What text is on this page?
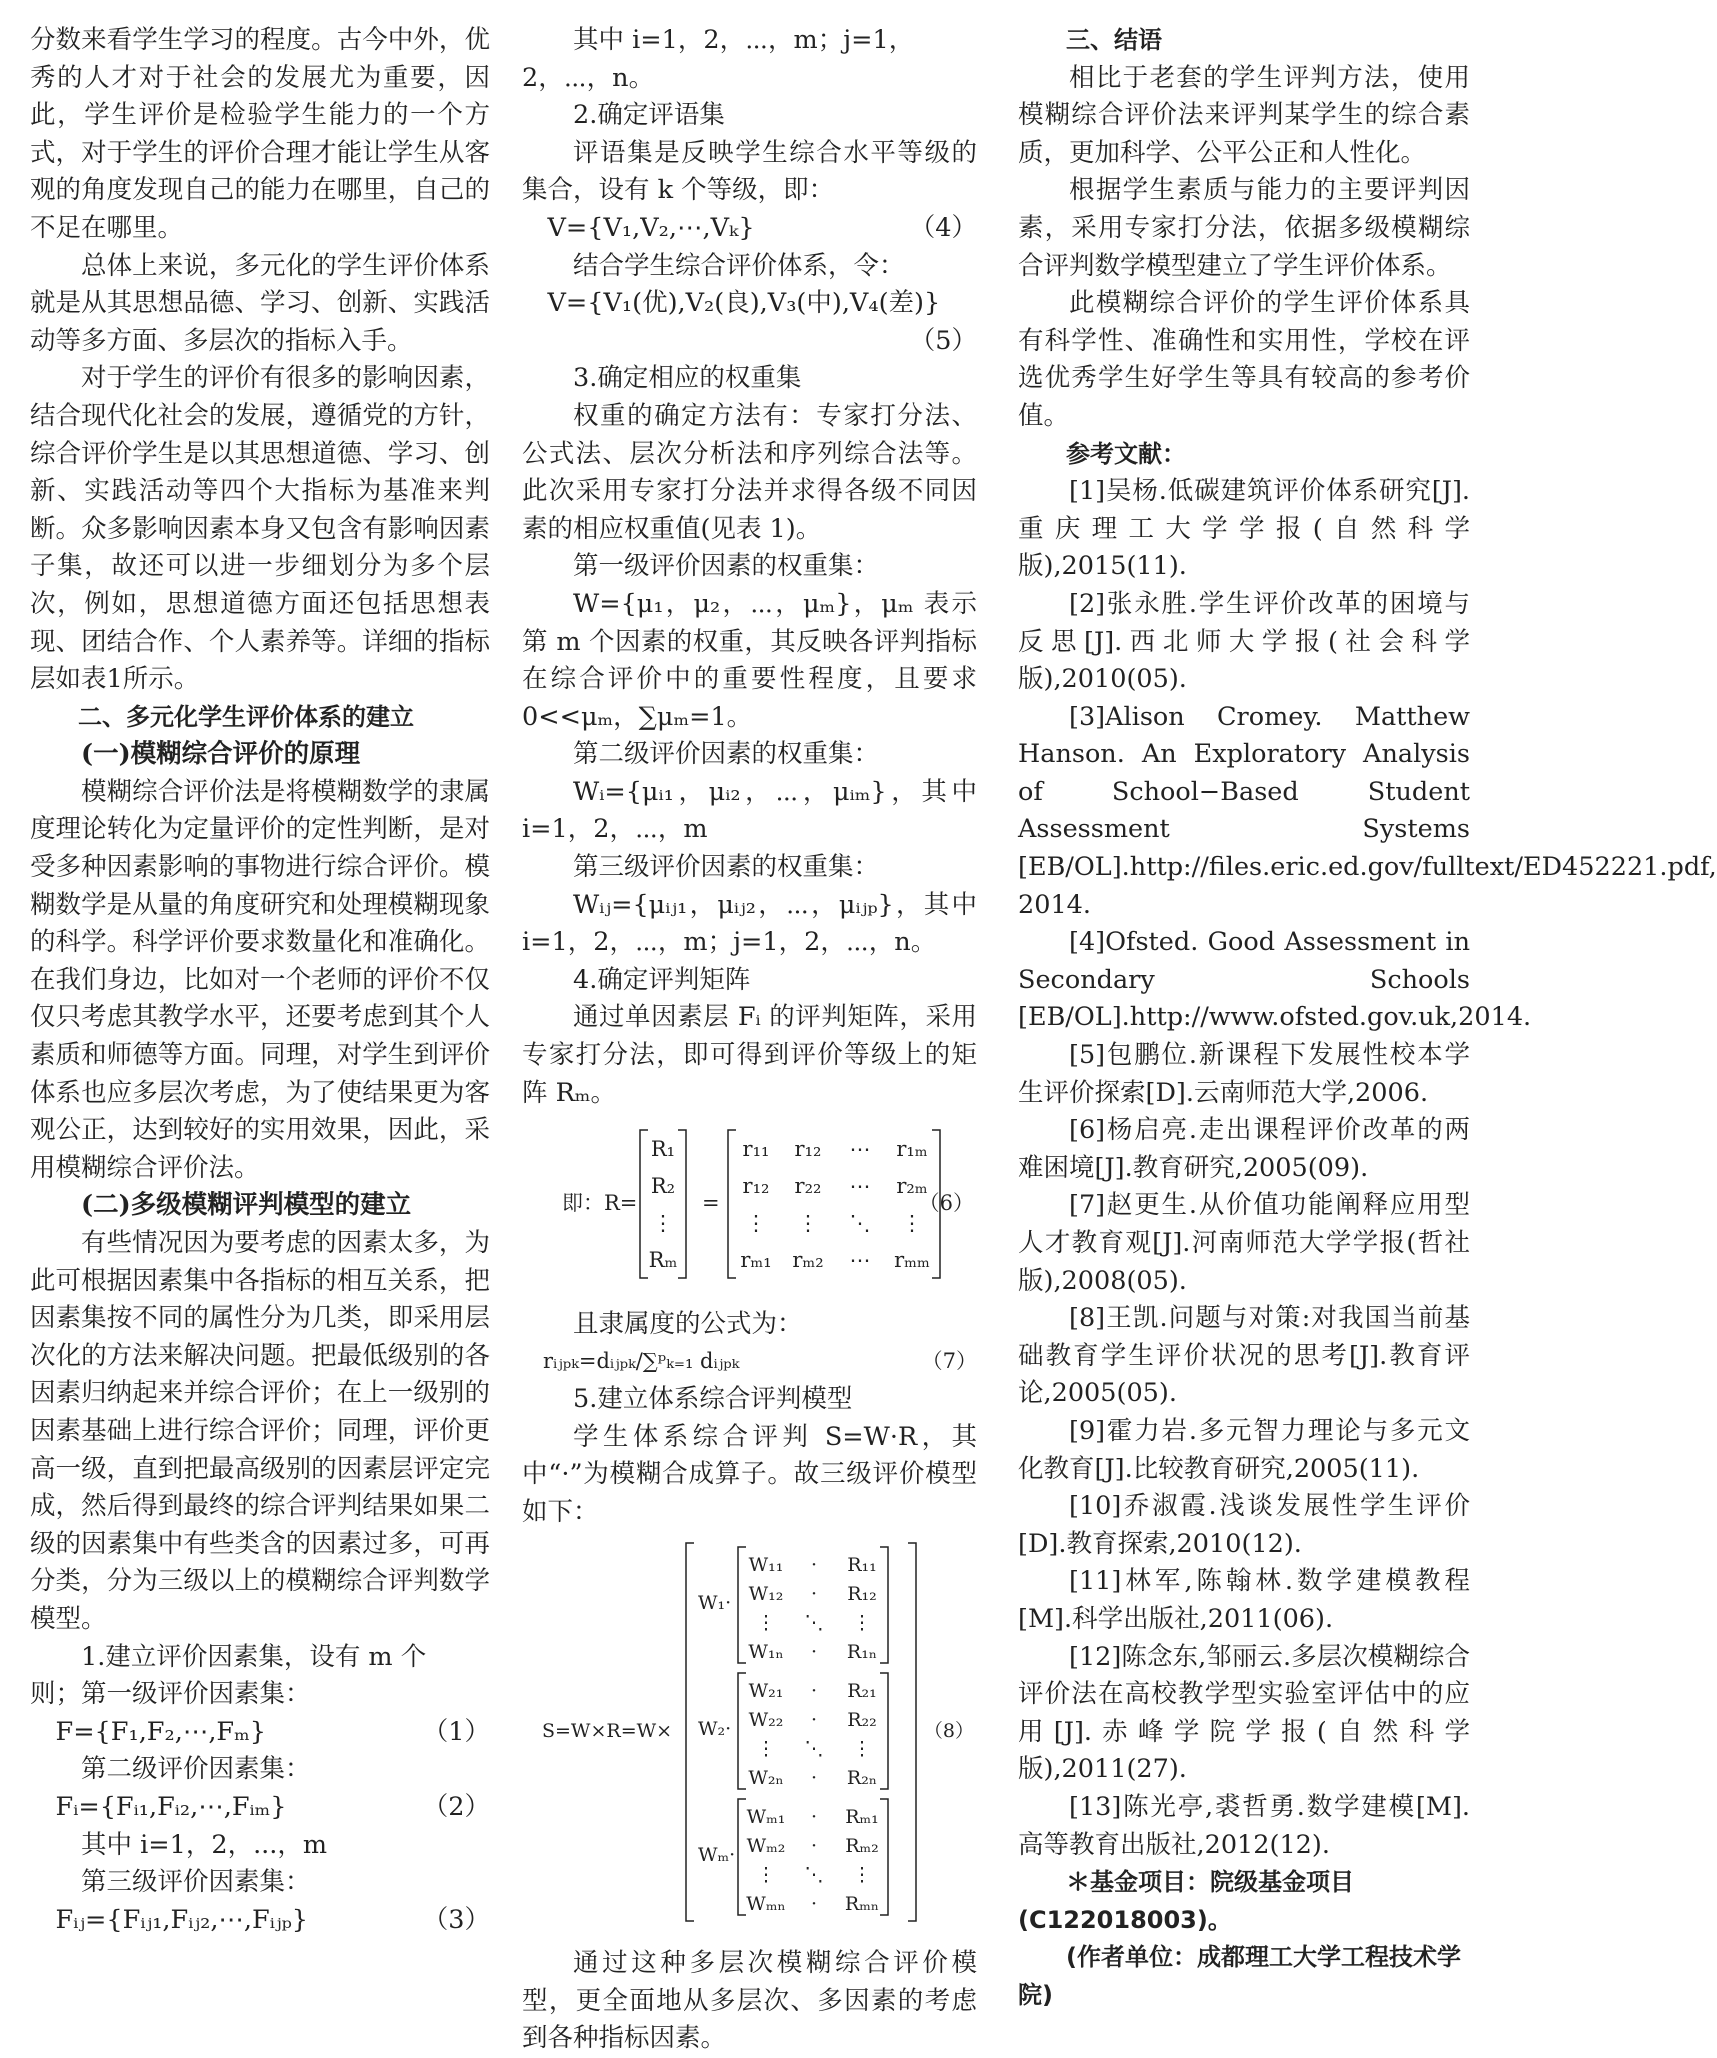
分数来看学生学习的程度。古今中外，优秀的人才对于社会的发展尤为重要，因此，学生评价是检验学生能力的一个方式，对于学生的评价合理才能让学生从客观的角度发现自己的能力在哪里，自己的不足在哪里。

总体上来说，多元化的学生评价体系就是从其思想品德、学习、创新、实践活动等多方面、多层次的指标入手。

对于学生的评价有很多的影响因素，结合现代化社会的发展，遵循党的方针，综合评价学生是以其思想道德、学习、创新、实践活动等四个大指标为基准来判断。众多影响因素本身又包含有影响因素子集，故还可以进一步细划分为多个层次，例如，思想道德方面还包括思想表现、团结合作、个人素养等。详细的指标层如表1所示。

二、多元化学生评价体系的建立

(一)模糊综合评价的原理

模糊综合评价法是将模糊数学的隶属度理论转化为定量评价的定性判断，是对受多种因素影响的事物进行综合评价。模糊数学是从量的角度研究和处理模糊现象的科学。科学评价要求数量化和准确化。在我们身边，比如对一个老师的评价不仅仅只考虑其教学水平，还要考虑到其个人素质和师德等方面。同理，对学生到评价体系也应多层次考虑，为了使结果更为客观公正，达到较好的实用效果，因此，采用模糊综合评价法。

(二)多级模糊评判模型的建立

有些情况因为要考虑的因素太多，为此可根据因素集中各指标的相互关系，把因素集按不同的属性分为几类，即采用层次化的方法来解决问题。把最低级别的各因素归纳起来并综合评价；在上一级别的因素基础上进行综合评价；同理，评价更高一级，直到把最高级别的因素层评定完成，然后得到最终的综合评判结果如果二级的因素集中有些类含的因素过多，可再分类，分为三级以上的模糊综合评判数学模型。

1.建立评价因素集，设有 m 个

则；第一级评价因素集：

F={F₁,F₂,⋯,Fₘ}	（1）

第二级评价因素集：

Fᵢ={Fᵢ₁,Fᵢ₂,⋯,Fᵢₘ}	（2）

其中 i=1，2，...，m

第三级评价因素集：

Fᵢⱼ={Fᵢⱼ₁,Fᵢⱼ₂,⋯,Fᵢⱼₚ}	（3）

其中 i=1，2，⋯，m；j=1，2，⋯，n。

2.确定评语集

评语集是反映学生综合水平等级的集合，设有 k 个等级，即：

V={V₁,V₂,⋯,Vₖ}	（4）

结合学生综合评价体系，令：

V={V₁(优),V₂(良),V₃(中),V₄(差)}

（5）

3.确定相应的权重集

权重的确定方法有：专家打分法、公式法、层次分析法和序列综合法等。此次采用专家打分法并求得各级不同因素的相应权重值(见表 1)。

第一级评价因素的权重集：

W={μ₁，μ₂，⋯，μₘ}，μₘ 表示第 m 个因素的权重，其反映各评判指标在综合评价中的重要性程度，且要求 0<<μₘ，∑μₘ=1。

第二级评价因素的权重集：

Wᵢ={μᵢ₁，μᵢ₂，⋯，μᵢₘ}，其中 i=1，2，⋯，m

第三级评价因素的权重集：

Wᵢⱼ={μᵢⱼ₁，μᵢⱼ₂，⋯，μᵢⱼₚ}，其中 i=1，2，⋯，m；j=1，2，⋯，n。

4.确定评判矩阵

通过单因素层 Fᵢ 的评判矩阵，采用专家打分法，即可得到评价等级上的矩阵 Rₘ。

即：R=
R₁
R₂
⋮
Rₘ
=
r₁₁ r₁₂ ⋯ r₁ₘ
r₁₂ r₂₂ ⋯ r₂ₘ
⋮ ⋮ ⋱ ⋮
rₘ₁ rₘ₂ ⋯ rₘₘ
（6）

且隶属度的公式为：

rᵢⱼₚₖ=dᵢⱼₚₖ/∑ᵖₖ₌₁ dᵢⱼₚₖ	（7）

5.建立体系综合评判模型

学生体系综合评判 S=W·R，其中“·”为模糊合成算子。故三级评价模型如下：

S=W×R=W×
W₁·
W₁₁ · R₁₁
W₁₂ · R₁₂
⋮ ⋱ ⋮
W₁ₙ · R₁ₙ
W₂·
W₂₁ · R₂₁
W₂₂ · R₂₂
⋮ ⋱ ⋮
W₂ₙ · R₂ₙ
Wₘ·
Wₘ₁ · Rₘ₁
Wₘ₂ · Rₘ₂
⋮ ⋱ ⋮
Wₘₙ · Rₘₙ
（8）

通过这种多层次模糊综合评价模型，更全面地从多层次、多因素的考虑到各种指标因素。

三、结语

相比于老套的学生评判方法，使用模糊综合评价法来评判某学生的综合素质，更加科学、公平公正和人性化。

根据学生素质与能力的主要评判因素，采用专家打分法，依据多级模糊综合评判数学模型建立了学生评价体系。

此模糊综合评价的学生评价体系具有科学性、准确性和实用性，学校在评选优秀学生好学生等具有较高的参考价值。

参考文献：

[1]吴杨.低碳建筑评价体系研究[J].重庆理工大学学报(自然科学版),2015(11).

[2]张永胜.学生评价改革的困境与反思[J].西北师大学报(社会科学版),2010(05).

[3]Alison Cromey. Matthew Hanson. An Exploratory Analysis of School−Based Student Assessment Systems [EB/OL].http://files.eric.ed.gov/fulltext/ED452221.pdf, 2014.

[4]Ofsted. Good Assessment in Secondary Schools [EB/OL].http://www.ofsted.gov.uk,2014.

[5]包鹏位.新课程下发展性校本学生评价探索[D].云南师范大学,2006.

[6]杨启亮.走出课程评价改革的两难困境[J].教育研究,2005(09).

[7]赵更生.从价值功能阐释应用型人才教育观[J].河南师范大学学报(哲社版),2008(05).

[8]王凯.问题与对策:对我国当前基础教育学生评价状况的思考[J].教育评论,2005(05).

[9]霍力岩.多元智力理论与多元文化教育[J].比较教育研究,2005(11).

[10]乔淑霞.浅谈发展性学生评价[D].教育探索,2010(12).

[11]林军,陈翰林.数学建模教程[M].科学出版社,2011(06).

[12]陈念东,邹丽云.多层次模糊综合评价法在高校教学型实验室评估中的应用[J].赤峰学院学报(自然科学版),2011(27).

[13]陈光亭,裘哲勇.数学建模[M].高等教育出版社,2012(12).

＊基金项目：院级基金项目(C122018003)。

(作者单位：成都理工大学工程技术学院)
